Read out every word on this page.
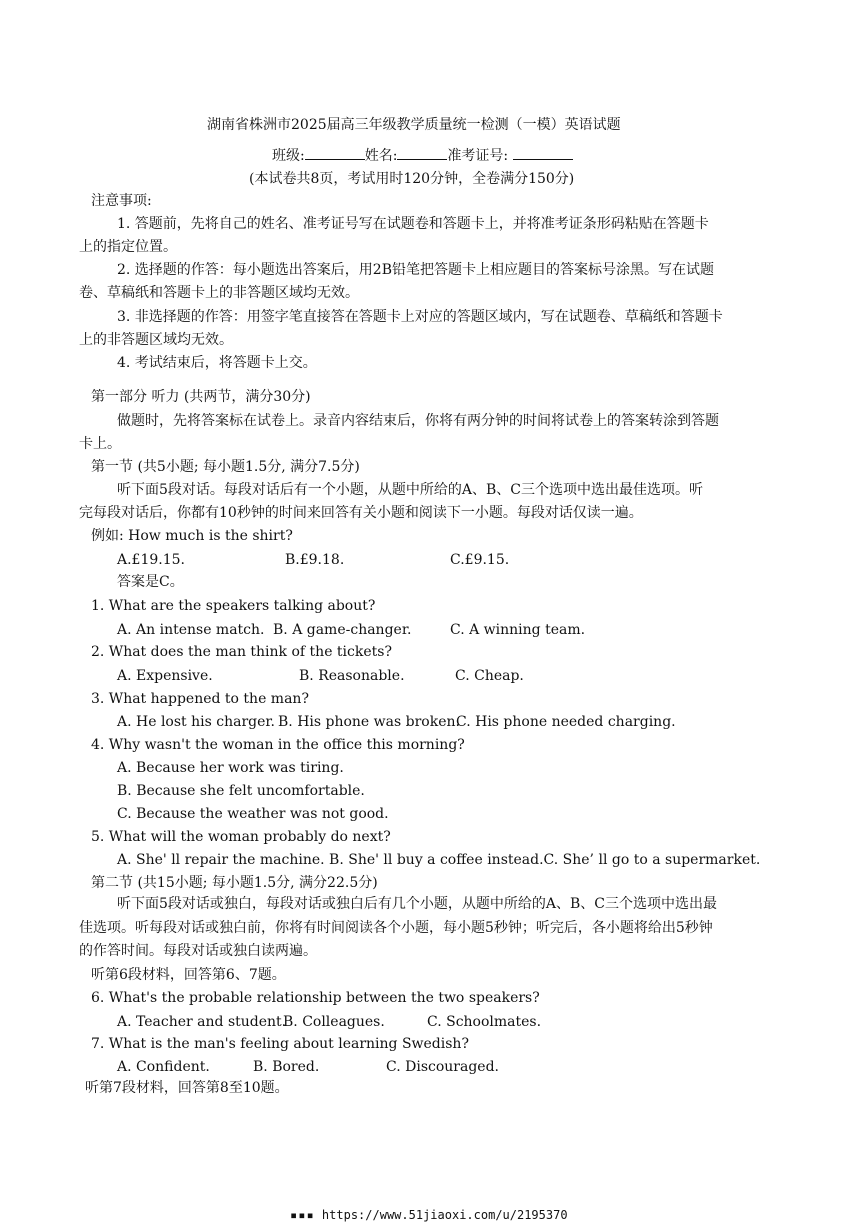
湖南省株洲市2025届高三年级教学质量统一检测（一模）英语试题
班级:	姓名:	准考证号:
(本试卷共8页，考试用时120分钟，全卷满分150分)
注意事项:
1. 答题前，先将自己的姓名、准考证号写在试题卷和答题卡上，并将准考证条形码粘贴在答题卡
上的指定位置。
2. 选择题的作答：每小题选出答案后，用2B铅笔把答题卡上相应题目的答案标号涂黑。写在试题
卷、草稿纸和答题卡上的非答题区域均无效。
3. 非选择题的作答：用签字笔直接答在答题卡上对应的答题区域内，写在试题卷、草稿纸和答题卡
上的非答题区域均无效。
4. 考试结束后，将答题卡上交。
第一部分 听力 (共两节，满分30分)
做题时，先将答案标在试卷上。录音内容结束后，你将有两分钟的时间将试卷上的答案转涂到答题
卡上。
第一节 (共5小题; 每小题1.5分, 满分7.5分)
听下面5段对话。每段对话后有一个小题，从题中所给的A、B、C三个选项中选出最佳选项。听
完每段对话后，你都有10秒钟的时间来回答有关小题和阅读下一小题。每段对话仅读一遍。
例如: How much is the shirt?
A.£19.15.	B.£9.18.	C.£9.15.
答案是C。
1. What are the speakers talking about?
A. An intense match. B. A game-changer.	C. A winning team.
2. What does the man think of the tickets?
A. Expensive.	B. Reasonable.	C. Cheap.
3. What happened to the man?
A. He lost his charger. B. His phone was broken.C. His phone needed charging.
4. Why wasn't the woman in the office this morning?
A. Because her work was tiring.
B. Because she felt uncomfortable.
C. Because the weather was not good.
5. What will the woman probably do next?
A. She' ll repair the machine. B. She' ll buy a coffee instead.C. She’ ll go to a supermarket.
第二节 (共15小题; 每小题1.5分, 满分22.5分)
听下面5段对话或独白，每段对话或独白后有几个小题，从题中所给的A、B、C三个选项中选出最
佳选项。听每段对话或独白前，你将有时间阅读各个小题，每小题5秒钟；听完后，各小题将给出5秒钟
的作答时间。每段对话或独白读两遍。
听第6段材料，回答第6、7题。
6. What's the probable relationship between the two speakers?
A. Teacher and student.B. Colleagues.	C. Schoolmates.
7. What is the man's feeling about learning Swedish?
A. Confident.	B. Bored.	C. Discouraged.
听第7段材料，回答第8至10题。
▪▪▪ https://www.51jiaoxi.com/u/2195370
